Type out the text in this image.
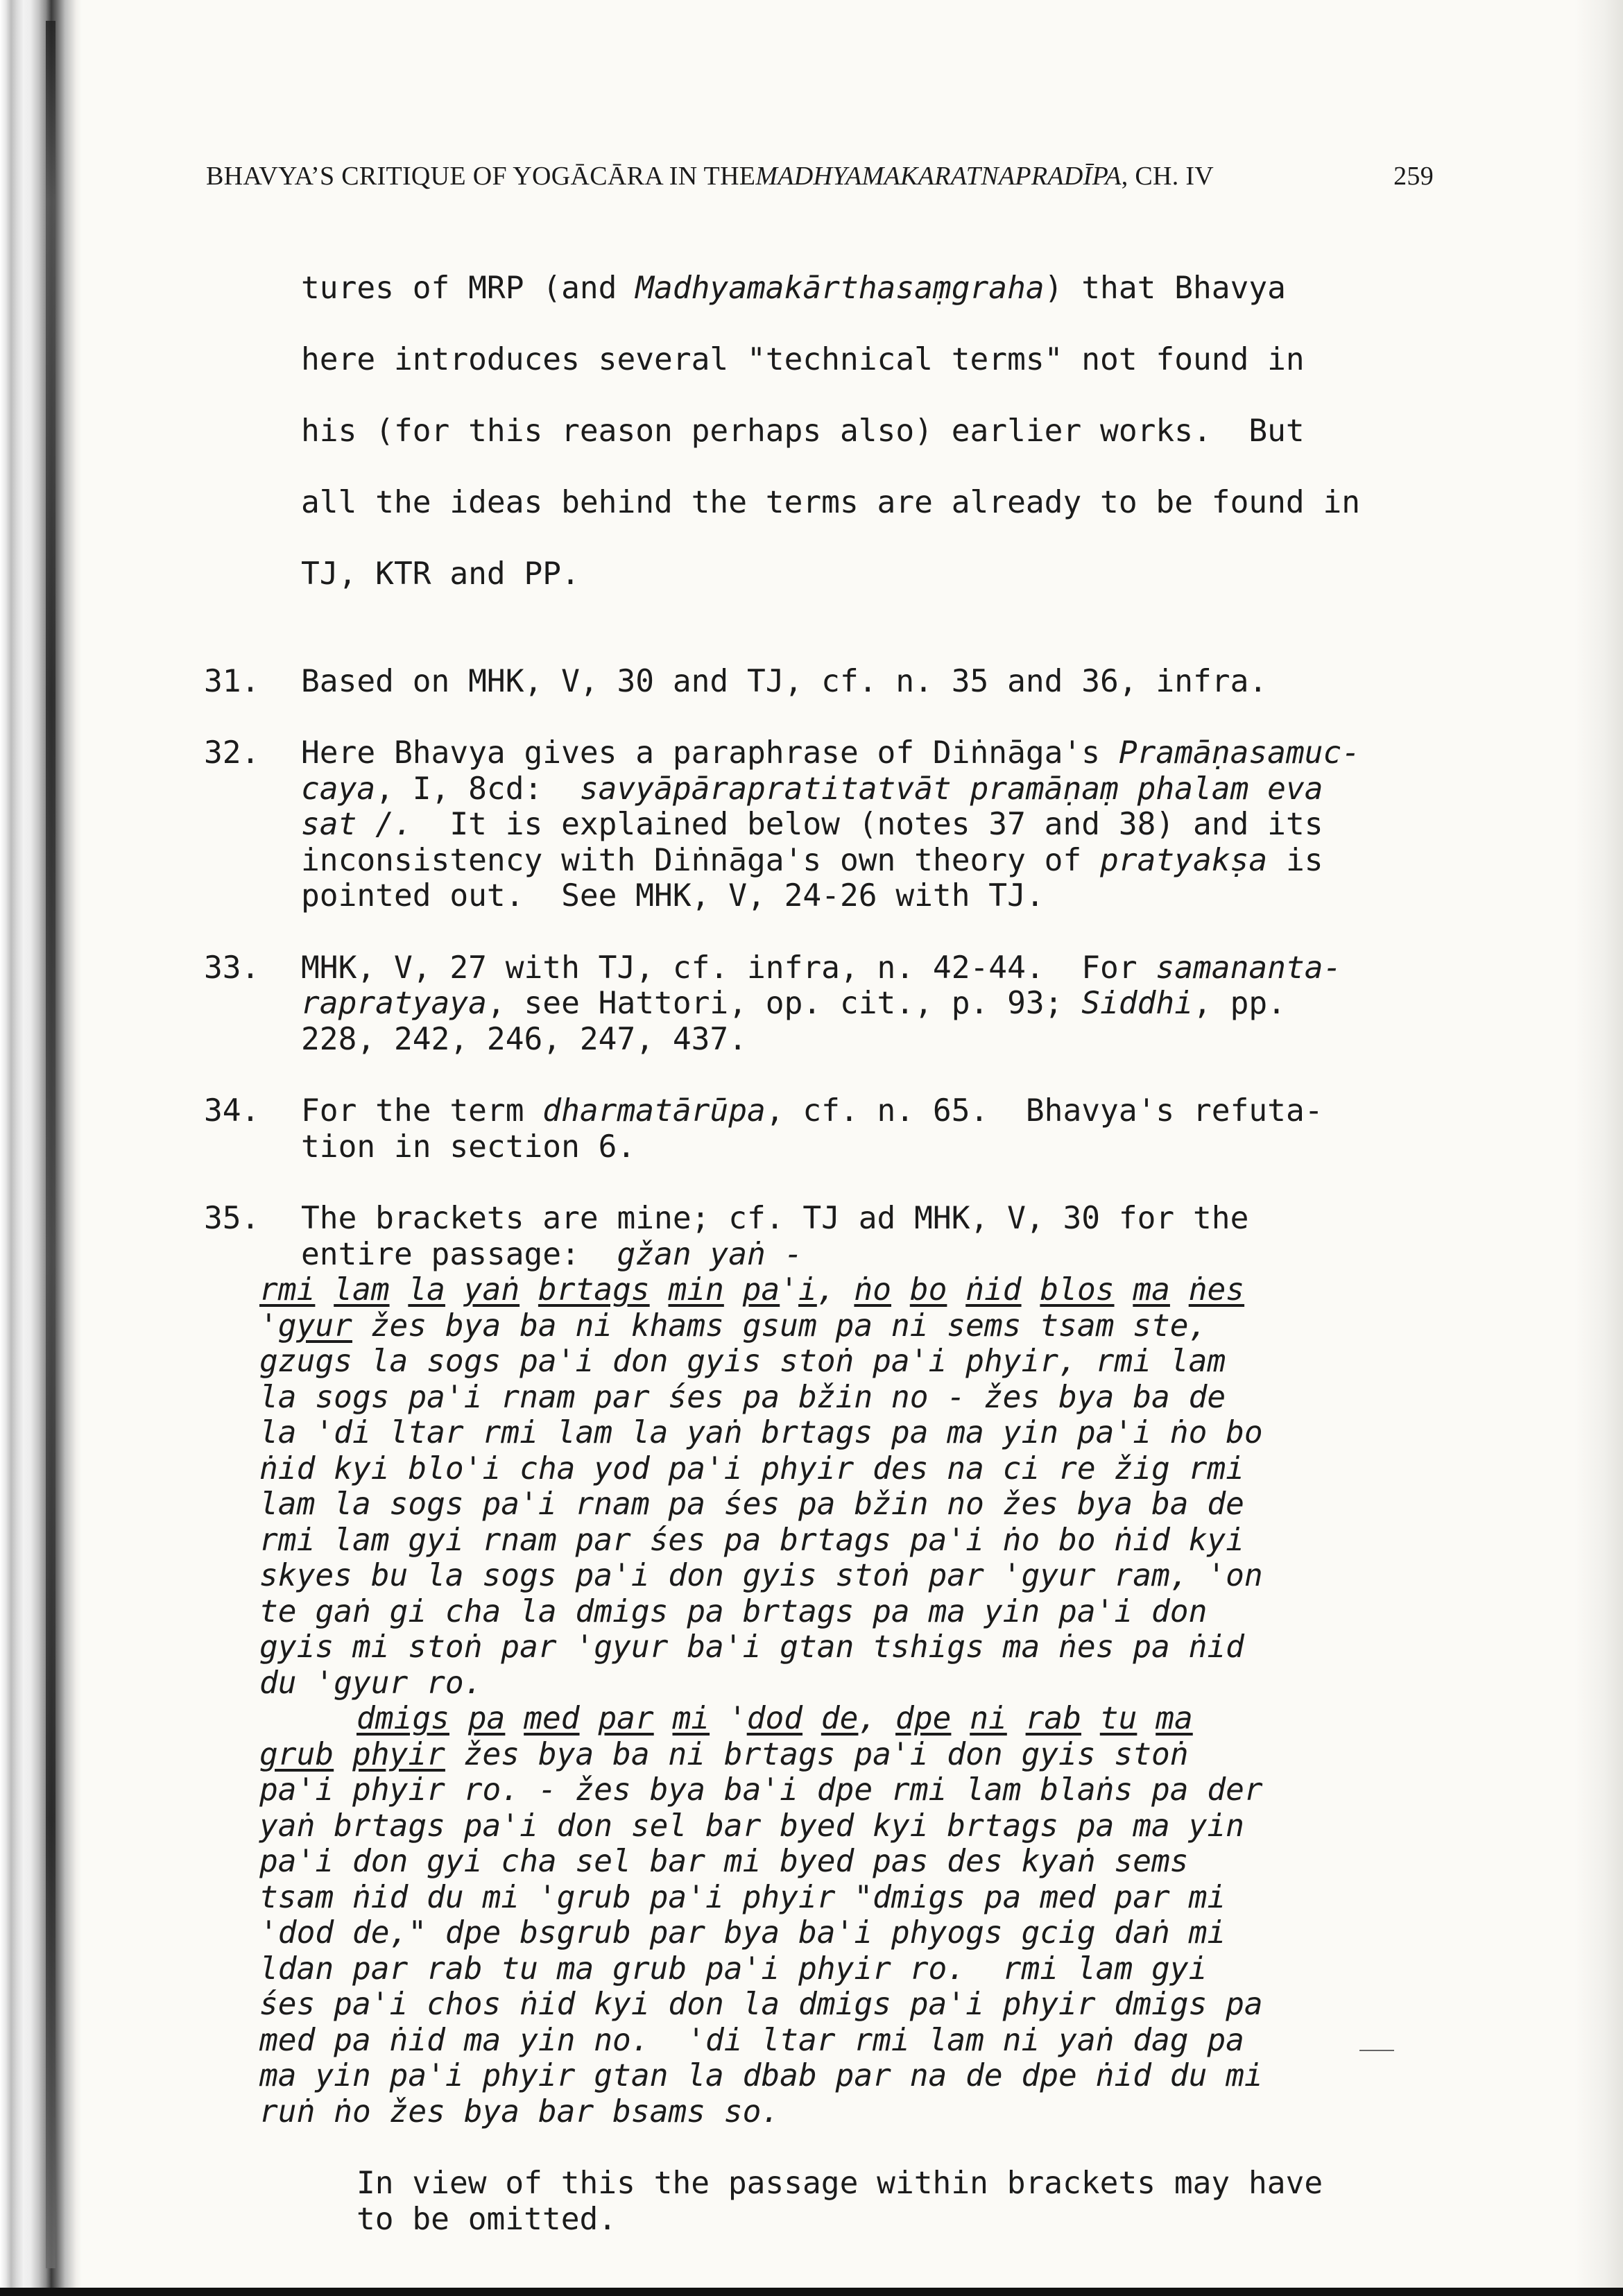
BHAVYA’S CRITIQUE OF YOGĀCĀRA IN THE MADHYAMAKARATNAPRADĪPA , CH. IV	259

tures of MRP (and Madhyamakārthasaṃgraha) that Bhavya

here introduces several "technical terms" not found in

his (for this reason perhaps also) earlier works.  But

all the ideas behind the terms are already to be found in

TJ, KTR and PP.

31.	Based on MHK, V, 30 and TJ, cf. n. 35 and 36, infra.
32.	Here Bhavya gives a paraphrase of Diṅnāga's Pramāṇasamuc-
caya, I, 8cd:  savyāpārapratitatvāt pramāṇaṃ phalam eva
sat /.  It is explained below (notes 37 and 38) and its
inconsistency with Diṅnāga's own theory of pratyakṣa is
pointed out.  See MHK, V, 24-26 with TJ.
33.	MHK, V, 27 with TJ, cf. infra, n. 42-44.  For samananta-
rapratyaya, see Hattori, op. cit., p. 93; Siddhi, pp.
228, 242, 246, 247, 437.
34.	For the term dharmatārūpa, cf. n. 65.  Bhavya's refuta-
tion in section 6.
35.	The brackets are mine; cf. TJ ad MHK, V, 30 for the
entire passage:  gžan yaṅ -
rmi lam la yaṅ brtags min pa'i, ṅo bo ṅid blos ma ṅes
'gyur žes bya ba ni khams gsum pa ni sems tsam ste,
gzugs la sogs pa'i don gyis stoṅ pa'i phyir, rmi lam
la sogs pa'i rnam par śes pa bžin no - žes bya ba de
la 'di ltar rmi lam la yaṅ brtags pa ma yin pa'i ṅo bo
ṅid kyi blo'i cha yod pa'i phyir des na ci re žig rmi
lam la sogs pa'i rnam pa śes pa bžin no žes bya ba de
rmi lam gyi rnam par śes pa brtags pa'i ṅo bo ṅid kyi
skyes bu la sogs pa'i don gyis stoṅ par 'gyur ram, 'on
te gaṅ gi cha la dmigs pa brtags pa ma yin pa'i don
gyis mi stoṅ par 'gyur ba'i gtan tshigs ma ṅes pa ṅid
du 'gyur ro.
dmigs pa med par mi 'dod de, dpe ni rab tu ma
grub phyir žes bya ba ni brtags pa'i don gyis stoṅ
pa'i phyir ro. - žes bya ba'i dpe rmi lam blaṅs pa der
yaṅ brtags pa'i don sel bar byed kyi brtags pa ma yin
pa'i don gyi cha sel bar mi byed pas des kyaṅ sems
tsam ṅid du mi 'grub pa'i phyir "dmigs pa med par mi
'dod de," dpe bsgrub par bya ba'i phyogs gcig daṅ mi
ldan par rab tu ma grub pa'i phyir ro.  rmi lam gyi
śes pa'i chos ṅid kyi don la dmigs pa'i phyir dmigs pa
med pa ṅid ma yin no.  'di ltar rmi lam ni yaṅ dag pa
ma yin pa'i phyir gtan la dbab par na de dpe ṅid du mi
ruṅ ṅo žes bya bar bsams so.
In view of this the passage within brackets may have
to be omitted.
